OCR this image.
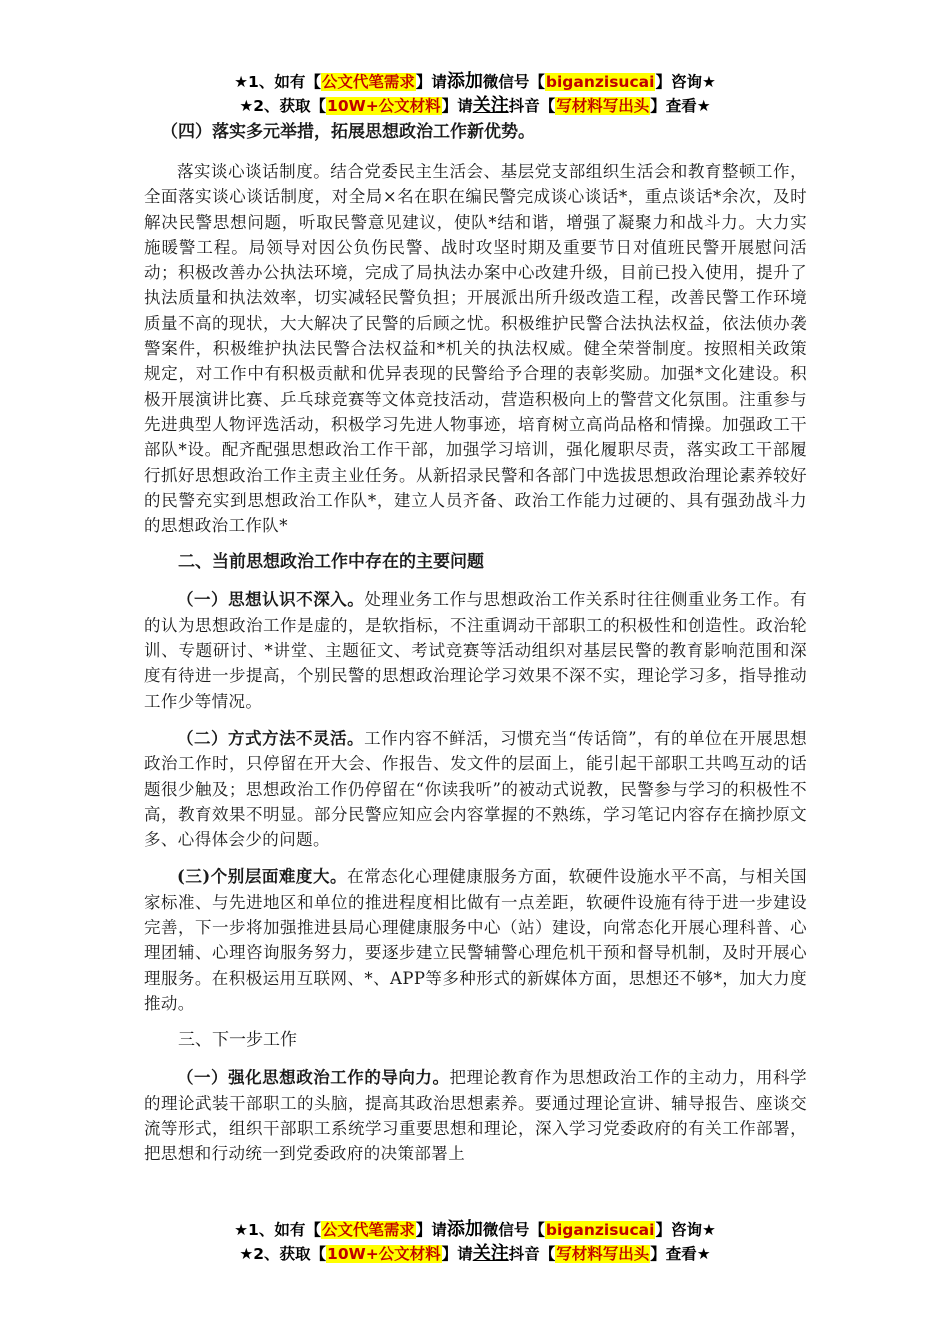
★1、如有【公文代笔需求】请添加微信号【biganzisucai】咨询★
★2、获取【10W+公文材料】请关注抖音【写材料写出头】查看★
（四）落实多元举措，拓展思想政治工作新优势。

落实谈心谈话制度。结合党委民主生活会、基层党支部组织生活会和教育整顿工作，全面落实谈心谈话制度，对全局×名在职在编民警完成谈心谈话*，重点谈话*余次，及时解决民警思想问题，听取民警意见建议，使队*结和谐，增强了凝聚力和战斗力。大力实施暖警工程。局领导对因公负伤民警、战时攻坚时期及重要节日对值班民警开展慰问活动；积极改善办公执法环境，完成了局执法办案中心改建升级，目前已投入使用，提升了执法质量和执法效率，切实减轻民警负担；开展派出所升级改造工程，改善民警工作环境质量不高的现状，大大解决了民警的后顾之忧。积极维护民警合法执法权益，依法侦办袭警案件，积极维护执法民警合法权益和*机关的执法权威。健全荣誉制度。按照相关政策规定，对工作中有积极贡献和优异表现的民警给予合理的表彰奖励。加强*文化建设。积极开展演讲比赛、乒乓球竞赛等文体竞技活动，营造积极向上的警营文化氛围。注重参与先进典型人物评选活动，积极学习先进人物事迹，培育树立高尚品格和情操。加强政工干部队*设。配齐配强思想政治工作干部，加强学习培训，强化履职尽责，落实政工干部履行抓好思想政治工作主责主业任务。从新招录民警和各部门中选拔思想政治理论素养较好的民警充实到思想政治工作队*，建立人员齐备、政治工作能力过硬的、具有强劲战斗力的思想政治工作队*

二、当前思想政治工作中存在的主要问题

（一）思想认识不深入。处理业务工作与思想政治工作关系时往往侧重业务工作。有的认为思想政治工作是虚的，是软指标，不注重调动干部职工的积极性和创造性。政治轮训、专题研讨、*讲堂、主题征文、考试竞赛等活动组织对基层民警的教育影响范围和深度有待进一步提高，个别民警的思想政治理论学习效果不深不实，理论学习多，指导推动工作少等情况。

（二）方式方法不灵活。工作内容不鲜活，习惯充当“传话筒”，有的单位在开展思想政治工作时，只停留在开大会、作报告、发文件的层面上，能引起干部职工共鸣互动的话题很少触及；思想政治工作仍停留在“你读我听”的被动式说教，民警参与学习的积极性不高，教育效果不明显。部分民警应知应会内容掌握的不熟练，学习笔记内容存在摘抄原文多、心得体会少的问题。

(三)个别层面难度大。在常态化心理健康服务方面，软硬件设施水平不高，与相关国家标准、与先进地区和单位的推进程度相比做有一点差距，软硬件设施有待于进一步建设完善，下一步将加强推进县局心理健康服务中心（站）建设，向常态化开展心理科普、心理团辅、心理咨询服务努力，要逐步建立民警辅警心理危机干预和督导机制，及时开展心理服务。在积极运用互联网、*、APP等多种形式的新媒体方面，思想还不够*，加大力度推动。

三、下一步工作

（一）强化思想政治工作的导向力。把理论教育作为思想政治工作的主动力，用科学的理论武装干部职工的头脑，提高其政治思想素养。要通过理论宣讲、辅导报告、座谈交流等形式，组织干部职工系统学习重要思想和理论，深入学习党委政府的有关工作部署，把思想和行动统一到党委政府的决策部署上

★1、如有【公文代笔需求】请添加微信号【biganzisucai】咨询★
★2、获取【10W+公文材料】请关注抖音【写材料写出头】查看★
